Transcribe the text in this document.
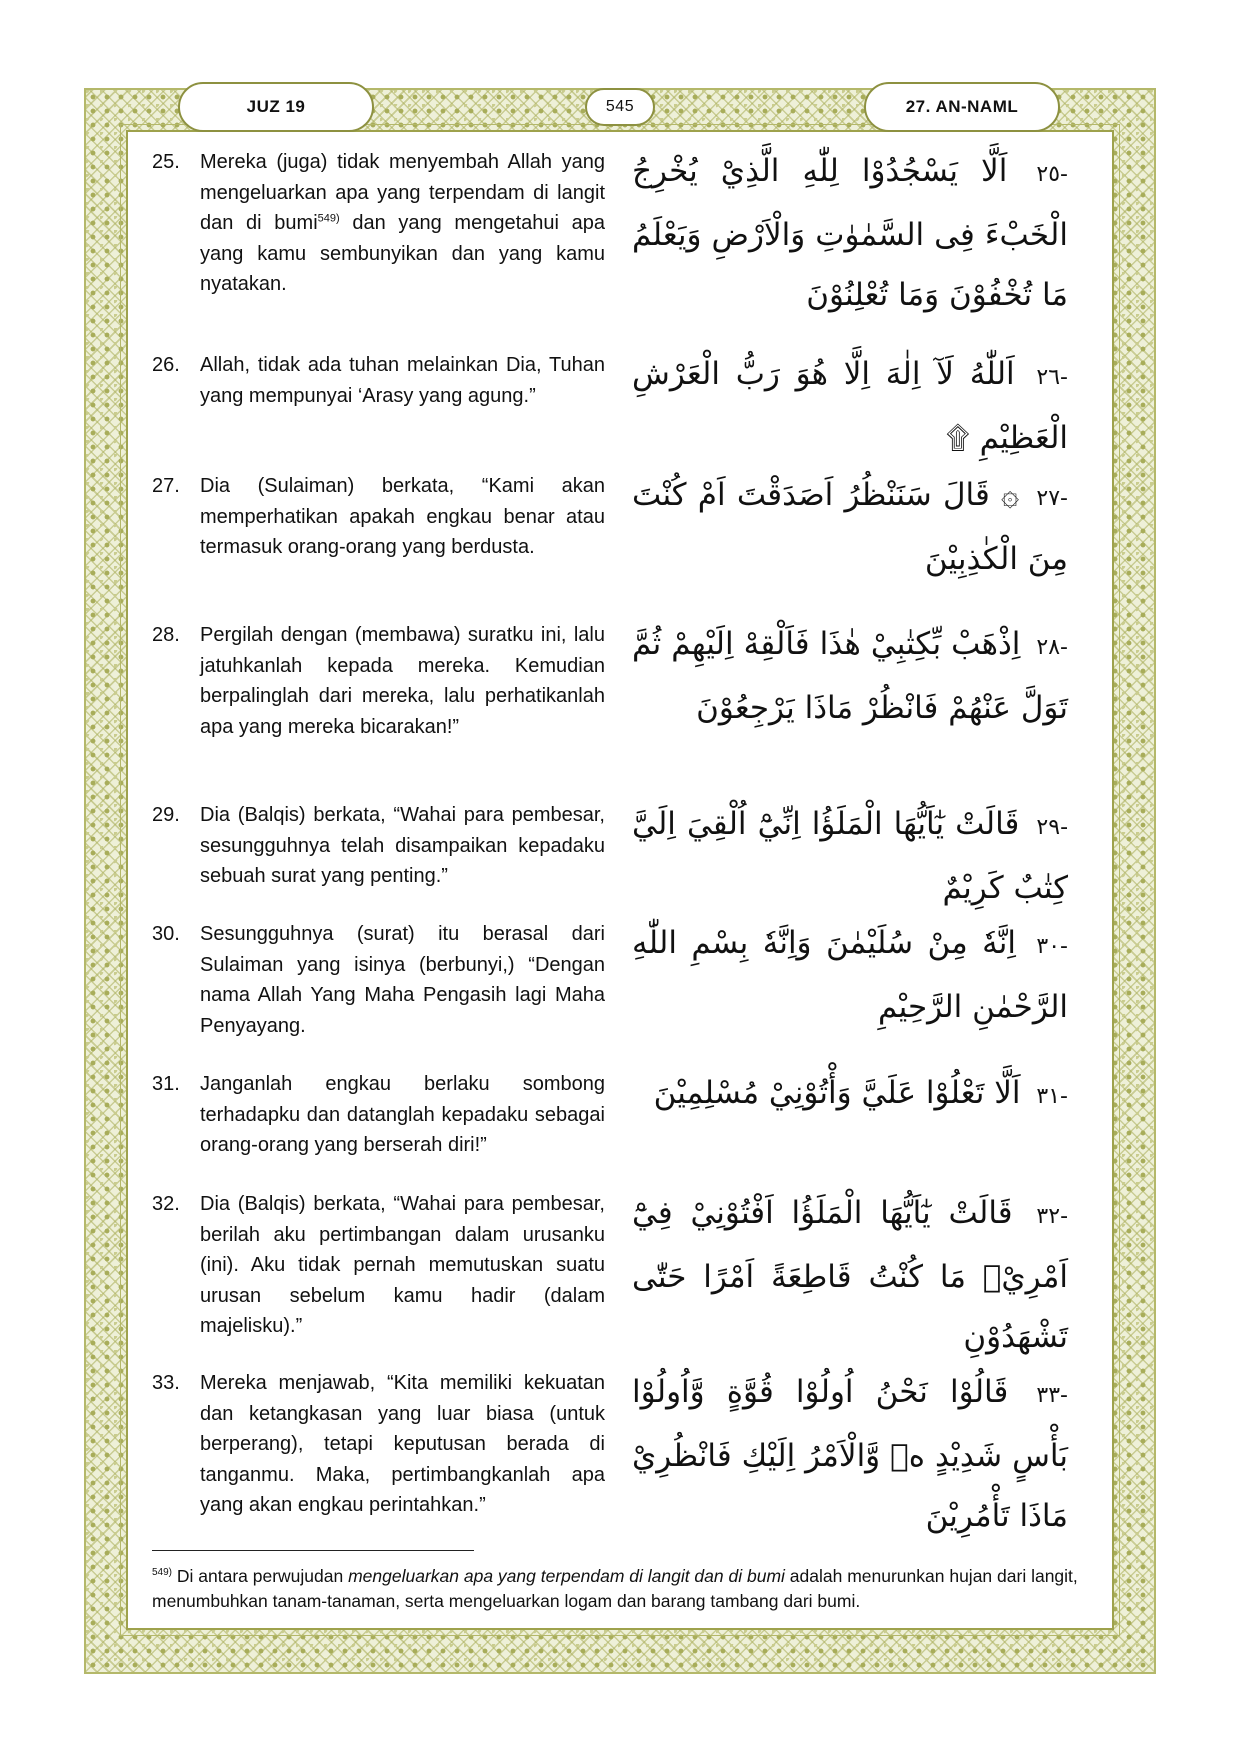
JUZ 19	545	27. AN-NAML
25. Mereka (juga) tidak menyembah Allah yang mengeluarkan apa yang terpendam di langit dan di bumi$^{549)}$ dan yang mengetahui apa yang kamu sembunyikan dan yang kamu nyatakan.
-٢٥ اَلَّا يَسْجُدُوْا لِلّٰهِ الَّذِيْ يُخْرِجُ الْخَبْءَ فِى السَّمٰوٰتِ وَالْاَرْضِ وَيَعْلَمُ مَا تُخْفُوْنَ وَمَا تُعْلِنُوْنَ
26. Allah, tidak ada tuhan melainkan Dia, Tuhan yang mempunyai ‘Arasy yang agung.”
-٢٦ اَللّٰهُ لَآ اِلٰهَ اِلَّا هُوَ رَبُّ الْعَرْشِ الْعَظِيْمِ ۩
27. Dia (Sulaiman) berkata, “Kami akan memperhatikan apakah engkau benar atau termasuk orang-orang yang berdusta.
-٢٧ ۞ قَالَ سَنَنْظُرُ اَصَدَقْتَ اَمْ كُنْتَ مِنَ الْكٰذِبِيْنَ
28. Pergilah dengan (membawa) suratku ini, lalu jatuhkanlah kepada mereka. Kemudian berpalinglah dari mereka, lalu perhatikanlah apa yang mereka bicarakan!”
-٢٨ اِذْهَبْ بِّكِتٰبِيْ هٰذَا فَاَلْقِهْ اِلَيْهِمْ ثُمَّ تَوَلَّ عَنْهُمْ فَانْظُرْ مَاذَا يَرْجِعُوْنَ
29. Dia (Balqis) berkata, “Wahai para pembesar, sesungguhnya telah disampaikan kepadaku sebuah surat yang penting.”
-٢٩ قَالَتْ يٰٓاَيُّهَا الْمَلَؤُا اِنِّيْٓ اُلْقِيَ اِلَيَّ كِتٰبٌ كَرِيْمٌ
30. Sesungguhnya (surat) itu berasal dari Sulaiman yang isinya (berbunyi,) “Dengan nama Allah Yang Maha Pengasih lagi Maha Penyayang.
-٣٠ اِنَّهٗ مِنْ سُلَيْمٰنَ وَاِنَّهٗ بِسْمِ اللّٰهِ الرَّحْمٰنِ الرَّحِيْمِ
31. Janganlah engkau berlaku sombong terhadapku dan datanglah kepadaku sebagai orang-orang yang berserah diri!”
-٣١ اَلَّا تَعْلُوْا عَلَيَّ وَأْتُوْنِيْ مُسْلِمِيْنَ
32. Dia (Balqis) berkata, “Wahai para pembesar, berilah aku pertimbangan dalam urusanku (ini). Aku tidak pernah memutuskan suatu urusan sebelum kamu hadir (dalam majelisku).”
-٣٢ قَالَتْ يٰٓاَيُّهَا الْمَلَؤُا اَفْتُوْنِيْ فِيْٓ اَمْرِيْۚ مَا كُنْتُ قَاطِعَةً اَمْرًا حَتّٰى تَشْهَدُوْنِ
33. Mereka menjawab, “Kita memiliki kekuatan dan ketangkasan yang luar biasa (untuk berperang), tetapi keputusan berada di tanganmu. Maka, pertimbangkanlah apa yang akan engkau perintahkan.”
-٣٣ قَالُوْا نَحْنُ اُولُوْا قُوَّةٍ وَّاُولُوْا بَأْسٍ شَدِيْدٍ ەۙ وَّالْاَمْرُ اِلَيْكِ فَانْظُرِيْ مَاذَا تَأْمُرِيْنَ
$^{549)}$ Di antara perwujudan mengeluarkan apa yang terpendam di langit dan di bumi adalah menurunkan hujan dari langit, menumbuhkan tanam-tanaman, serta mengeluarkan logam dan barang tambang dari bumi.
